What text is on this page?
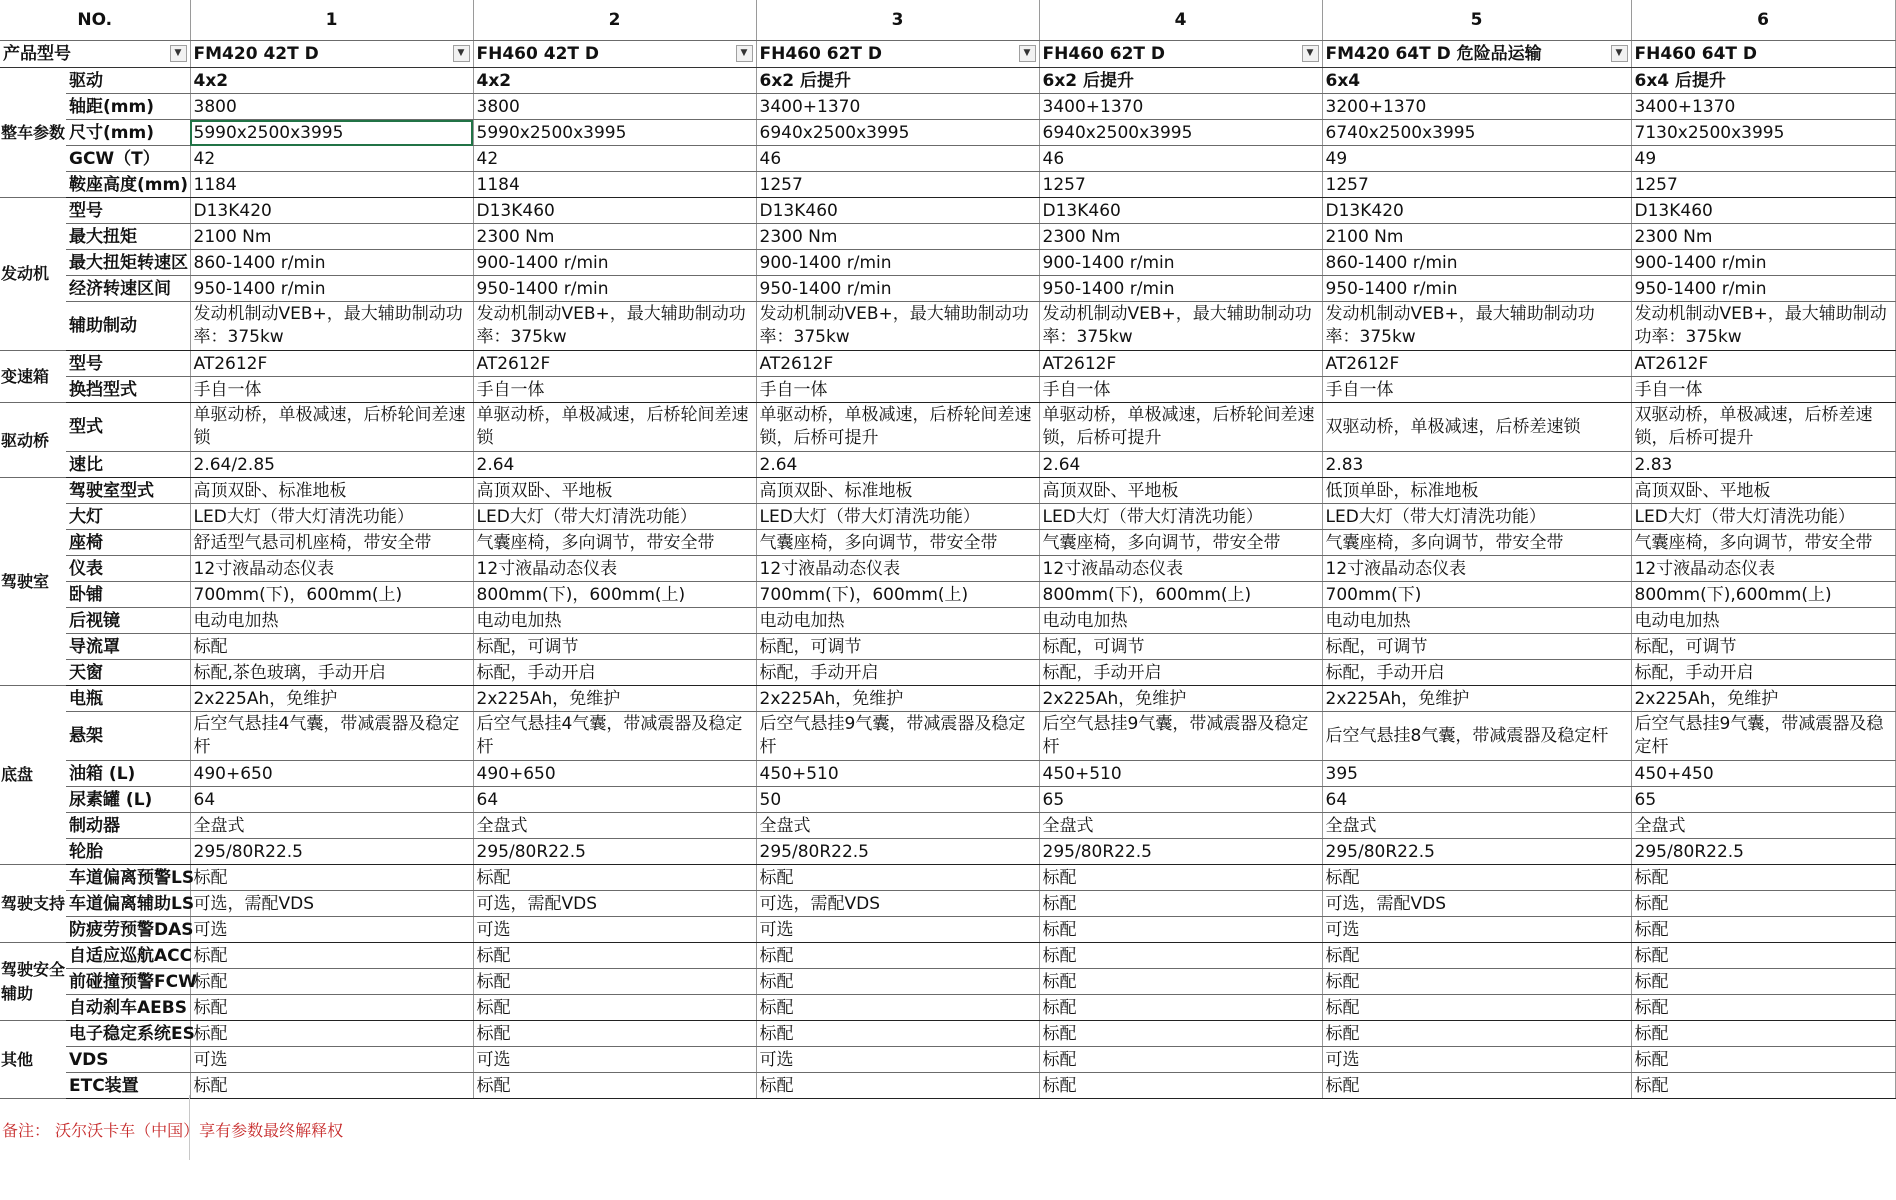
NO.		1	2	3	4	5	6
产品型号 ▼		FM420 42T D ▼	FH460 42T D ▼	FH460 62T D ▼	FH460 62T D ▼	FM420 64T D 危险品运输 ▼	FH460 64T D
整车参数	驱动	4x2	4x2	6x2 后提升	6x2 后提升	6x4	6x4 后提升
	轴距(mm)	3800	3800	3400+1370	3400+1370	3200+1370	3400+1370
	尺寸(mm)	5990x2500x3995	5990x2500x3995	6940x2500x3995	6940x2500x3995	6740x2500x3995	7130x2500x3995
	GCW（T）	42	42	46	46	49	49
	鞍座高度(mm)	1184	1184	1257	1257	1257	1257
发动机	型号	D13K420	D13K460	D13K460	D13K460	D13K420	D13K460
	最大扭矩	2100 Nm	2300 Nm	2300 Nm	2300 Nm	2100 Nm	2300 Nm
	最大扭矩转速区	860-1400 r/min	900-1400 r/min	900-1400 r/min	900-1400 r/min	860-1400 r/min	900-1400 r/min
	经济转速区间	950-1400 r/min	950-1400 r/min	950-1400 r/min	950-1400 r/min	950-1400 r/min	950-1400 r/min
	辅助制动	发动机制动VEB+，最大辅助制动功率：375kw	发动机制动VEB+，最大辅助制动功率：375kw	发动机制动VEB+，最大辅助制动功率：375kw	发动机制动VEB+，最大辅助制动功率：375kw	发动机制动VEB+，最大辅助制动功率：375kw	发动机制动VEB+，最大辅助制动功率：375kw
变速箱	型号	AT2612F	AT2612F	AT2612F	AT2612F	AT2612F	AT2612F
	换挡型式	手自一体	手自一体	手自一体	手自一体	手自一体	手自一体
驱动桥	型式	单驱动桥，单极减速，后桥轮间差速锁	单驱动桥，单极减速，后桥轮间差速锁	单驱动桥，单极减速，后桥轮间差速锁，后桥可提升	单驱动桥，单极减速，后桥轮间差速锁，后桥可提升	双驱动桥，单极减速，后桥差速锁	双驱动桥，单极减速，后桥差速锁，后桥可提升
	速比	2.64/2.85	2.64	2.64	2.64	2.83	2.83
驾驶室	驾驶室型式	高顶双卧、标准地板	高顶双卧、平地板	高顶双卧、标准地板	高顶双卧、平地板	低顶单卧，标准地板	高顶双卧、平地板
	大灯	LED大灯（带大灯清洗功能）	LED大灯（带大灯清洗功能）	LED大灯（带大灯清洗功能）	LED大灯（带大灯清洗功能）	LED大灯（带大灯清洗功能）	LED大灯（带大灯清洗功能）
	座椅	舒适型气悬司机座椅，带安全带	气囊座椅，多向调节，带安全带	气囊座椅，多向调节，带安全带	气囊座椅，多向调节，带安全带	气囊座椅，多向调节，带安全带	气囊座椅，多向调节，带安全带
	仪表	12寸液晶动态仪表	12寸液晶动态仪表	12寸液晶动态仪表	12寸液晶动态仪表	12寸液晶动态仪表	12寸液晶动态仪表
	卧铺	700mm(下)，600mm(上)	800mm(下)，600mm(上)	700mm(下)，600mm(上)	800mm(下)，600mm(上)	700mm(下)	800mm(下),600mm(上)
	后视镜	电动电加热	电动电加热	电动电加热	电动电加热	电动电加热	电动电加热
	导流罩	标配	标配，可调节	标配，可调节	标配，可调节	标配，可调节	标配，可调节
	天窗	标配,茶色玻璃，手动开启	标配，手动开启	标配，手动开启	标配，手动开启	标配，手动开启	标配，手动开启
底盘	电瓶	2x225Ah，免维护	2x225Ah，免维护	2x225Ah，免维护	2x225Ah，免维护	2x225Ah，免维护	2x225Ah，免维护
	悬架	后空气悬挂4气囊，带减震器及稳定杆	后空气悬挂4气囊，带减震器及稳定杆	后空气悬挂9气囊，带减震器及稳定杆	后空气悬挂9气囊，带减震器及稳定杆	后空气悬挂8气囊，带减震器及稳定杆	后空气悬挂9气囊，带减震器及稳定杆
	油箱 (L)	490+650	490+650	450+510	450+510	395	450+450
	尿素罐 (L)	64	64	50	65	64	65
	制动器	全盘式	全盘式	全盘式	全盘式	全盘式	全盘式
	轮胎	295/80R22.5	295/80R22.5	295/80R22.5	295/80R22.5	295/80R22.5	295/80R22.5
驾驶支持	车道偏离预警LS	标配	标配	标配	标配	标配	标配
	车道偏离辅助LS	可选，需配VDS	可选，需配VDS	可选，需配VDS	标配	可选，需配VDS	标配
	防疲劳预警DAS	可选	可选	可选	标配	可选	标配
驾驶安全辅助	自适应巡航ACC	标配	标配	标配	标配	标配	标配
	前碰撞预警FCW	标配	标配	标配	标配	标配	标配
	自动刹车AEBS	标配	标配	标配	标配	标配	标配
其他	电子稳定系统ES	标配	标配	标配	标配	标配	标配
	VDS	可选	可选	可选	标配	可选	标配
	ETC装置	标配	标配	标配	标配	标配	标配
备注： 沃尔沃卡车（中国）享有参数最终解释权
